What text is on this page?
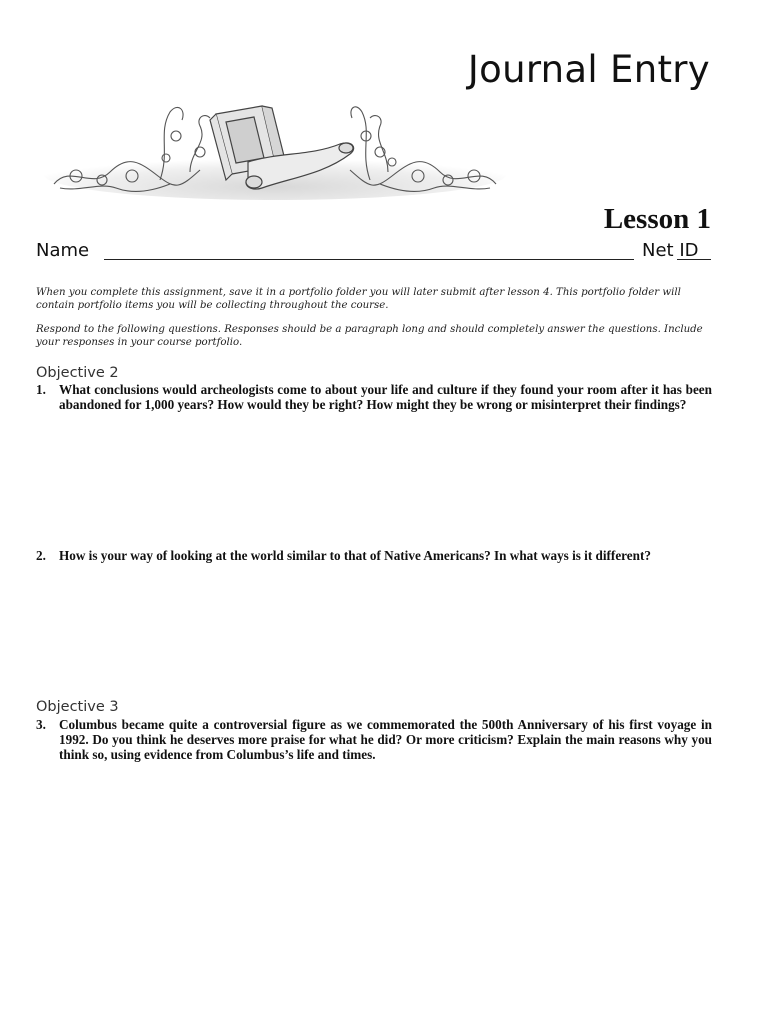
Journal Entry
Lesson 1
Name	Net ID

When you complete this assignment, save it in a portfolio folder you will later submit after lesson 4. This portfolio folder will contain portfolio items you will be collecting throughout the course.

Respond to the following questions. Responses should be a paragraph long and should completely answer the questions. Include your responses in your course portfolio.

Objective 2
1. What conclusions would archeologists come to about your life and culture if they found your room after it has been abandoned for 1,000 years? How would they be right? How might they be wrong or misinterpret their findings?
2. How is your way of looking at the world similar to that of Native Americans? In what ways is it different?
Objective 3
3. Columbus became quite a controversial figure as we commemorated the 500th Anniversary of his first voyage in 1992. Do you think he deserves more praise for what he did? Or more criticism? Explain the main reasons why you think so, using evidence from Columbus’s life and times.
